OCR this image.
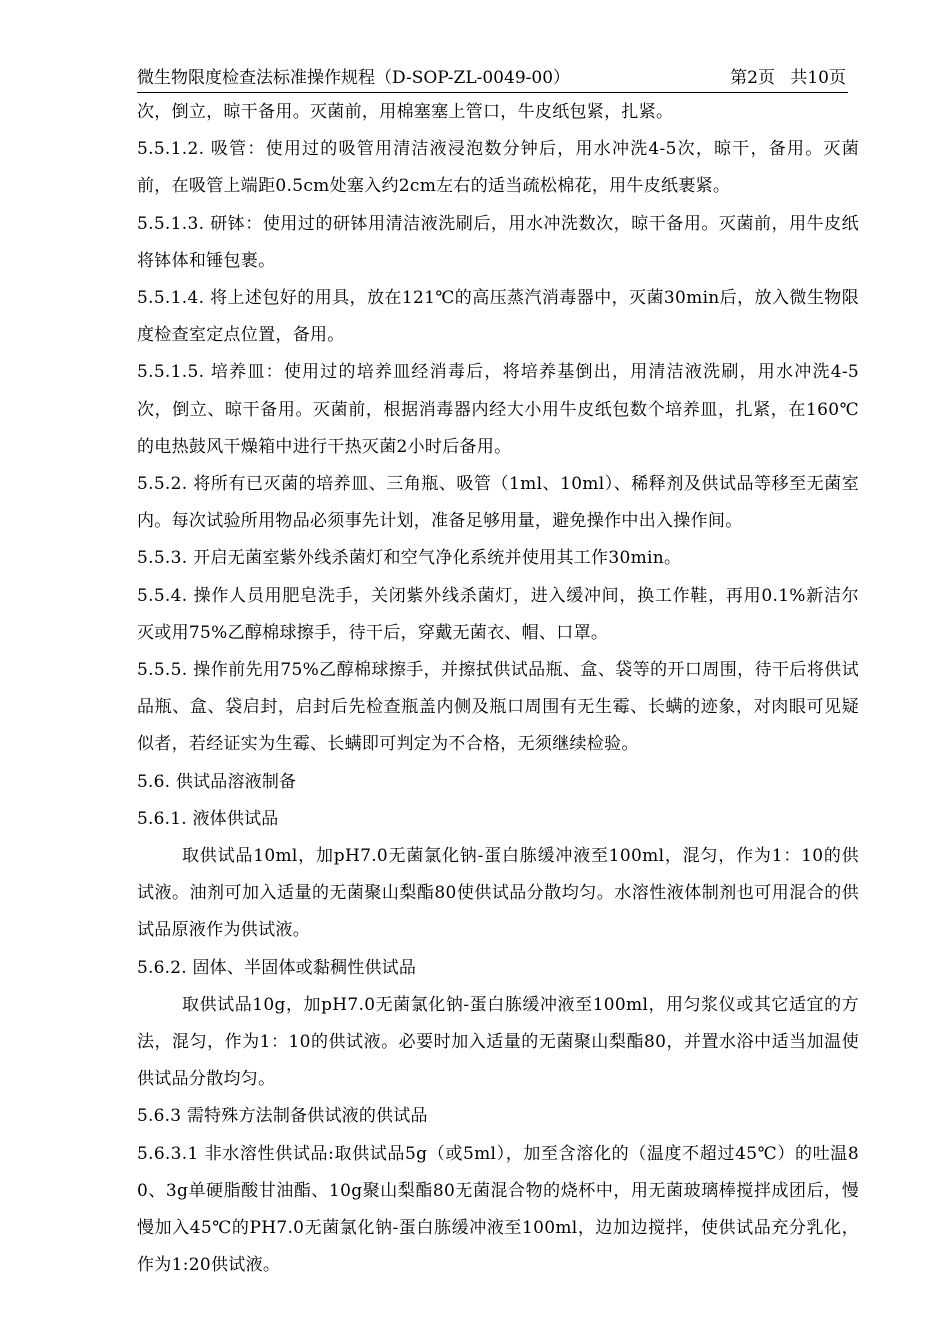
微生物限度检查法标准操作规程（D-SOP-ZL-0049-00）	第2页 共10页

次，倒立，晾干备用。灭菌前，用棉塞塞上管口，牛皮纸包紧，扎紧。

5.5.1.2. 吸管：使用过的吸管用清洁液浸泡数分钟后，用水冲洗4-5次，晾干，备用。灭菌前，在吸管上端距0.5cm处塞入约2cm左右的适当疏松棉花，用牛皮纸裹紧。

5.5.1.3. 研钵：使用过的研钵用清洁液洗刷后，用水冲洗数次，晾干备用。灭菌前，用牛皮纸将钵体和锤包裹。

5.5.1.4. 将上述包好的用具，放在121℃的高压蒸汽消毒器中，灭菌30min后，放入微生物限度检查室定点位置，备用。

5.5.1.5. 培养皿：使用过的培养皿经消毒后，将培养基倒出，用清洁液洗刷，用水冲洗4-5次，倒立、晾干备用。灭菌前，根据消毒器内经大小用牛皮纸包数个培养皿，扎紧，在160℃的电热鼓风干燥箱中进行干热灭菌2小时后备用。

5.5.2. 将所有已灭菌的培养皿、三角瓶、吸管（1ml、10ml）、稀释剂及供试品等移至无菌室内。每次试验所用物品必须事先计划，准备足够用量，避免操作中出入操作间。

5.5.3. 开启无菌室紫外线杀菌灯和空气净化系统并使用其工作30min。

5.5.4. 操作人员用肥皂洗手，关闭紫外线杀菌灯，进入缓冲间，换工作鞋，再用0.1%新洁尔灭或用75%乙醇棉球擦手，待干后，穿戴无菌衣、帽、口罩。

5.5.5. 操作前先用75%乙醇棉球擦手，并擦拭供试品瓶、盒、袋等的开口周围，待干后将供试品瓶、盒、袋启封，启封后先检查瓶盖内侧及瓶口周围有无生霉、长螨的迹象，对肉眼可见疑似者，若经证实为生霉、长螨即可判定为不合格，无须继续检验。

5.6. 供试品溶液制备

5.6.1. 液体供试品

取供试品10ml，加pH7.0无菌氯化钠-蛋白胨缓冲液至100ml，混匀，作为1：10的供试液。油剂可加入适量的无菌聚山梨酯80使供试品分散均匀。水溶性液体制剂也可用混合的供试品原液作为供试液。

5.6.2. 固体、半固体或黏稠性供试品

取供试品10g，加pH7.0无菌氯化钠-蛋白胨缓冲液至100ml，用匀浆仪或其它适宜的方法，混匀，作为1：10的供试液。必要时加入适量的无菌聚山梨酯80，并置水浴中适当加温使供试品分散均匀。

5.6.3 需特殊方法制备供试液的供试品

5.6.3.1 非水溶性供试品:取供试品5g（或5ml），加至含溶化的（温度不超过45℃）的吐温80、3g单硬脂酸甘油酯、10g聚山梨酯80无菌混合物的烧杯中，用无菌玻璃棒搅拌成团后，慢慢加入45℃的PH7.0无菌氯化钠-蛋白胨缓冲液至100ml，边加边搅拌，使供试品充分乳化，作为1:20供试液。
